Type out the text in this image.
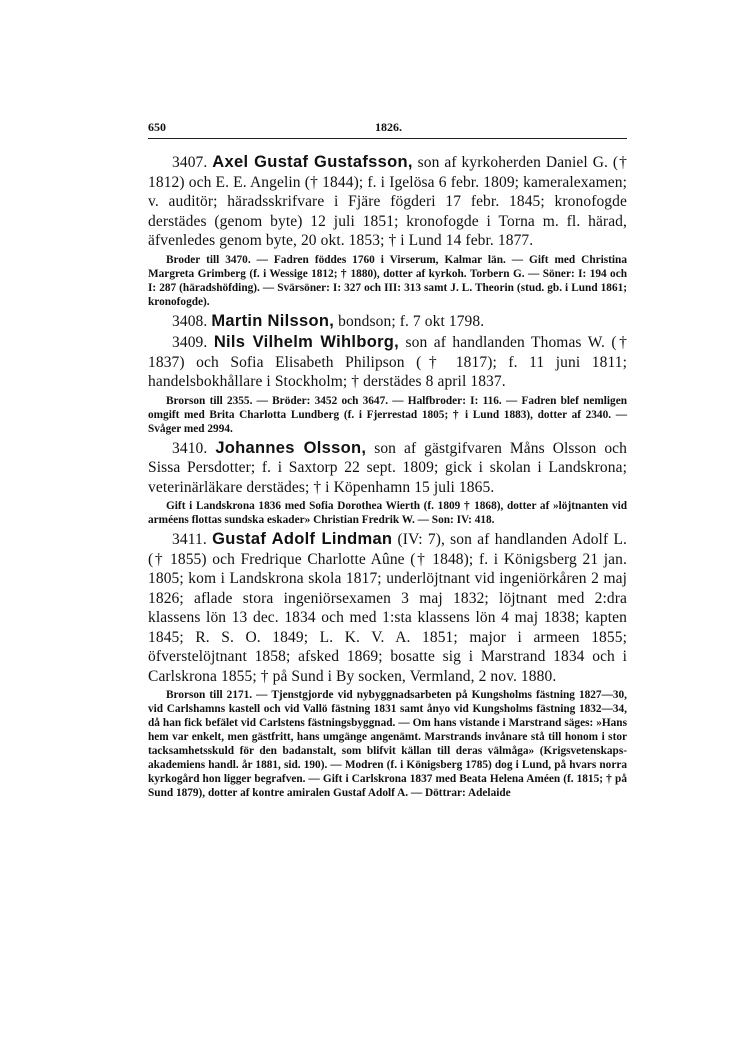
650	1826.

3407. Axel Gustaf Gustafsson, son af kyrkoherden Daniel G. († 1812) och E. E. Angelin († 1844); f. i Igelösa 6 febr. 1809; kameralexamen; v. auditör; häradsskrifvare i Fjäre fögderi 17 febr. 1845; kronofogde derstädes (genom byte) 12 juli 1851; kronofogde i Torna m. fl. härad, äfvenledes genom byte, 20 okt. 1853; † i Lund 14 febr. 1877.

Broder till 3470. — Fadren föddes 1760 i Virserum, Kalmar län. — Gift med Christina Margreta Grimberg (f. i Wessige 1812; † 1880), dotter af kyrkoh. Torbern G. — Söner: I: 194 och I: 287 (häradshöfding). — Svärsöner: I: 327 och III: 313 samt J. L. Theorin (stud. gb. i Lund 1861; kronofogde).

3408. Martin Nilsson, bondson; f. 7 okt 1798.

3409. Nils Vilhelm Wihlborg, son af handlanden Thomas W. († 1837) och Sofia Elisabeth Philipson († 1817); f. 11 juni 1811; handelsbokhållare i Stockholm; † derstädes 8 april 1837.

Brorson till 2355. — Bröder: 3452 och 3647. — Halfbroder: I: 116. — Fadren blef nemligen omgift med Brita Charlotta Lundberg (f. i Fjerrestad 1805; † i Lund 1883), dotter af 2340. — Svåger med 2994.

3410. Johannes Olsson, son af gästgifvaren Måns Olsson och Sissa Persdotter; f. i Saxtorp 22 sept. 1809; gick i skolan i Landskrona; veterinärläkare derstädes; † i Köpenhamn 15 juli 1865.

Gift i Landskrona 1836 med Sofia Dorothea Wierth (f. 1809 † 1868), dotter af »löjtnanten vid arméens flottas sundska eskader» Christian Fredrik W. — Son: IV: 418.

3411. Gustaf Adolf Lindman (IV: 7), son af handlanden Adolf L. († 1855) och Fredrique Charlotte Aûne († 1848); f. i Königsberg 21 jan. 1805; kom i Landskrona skola 1817; underlöjtnant vid ingeniörkåren 2 maj 1826; aflade stora ingeniörsexamen 3 maj 1832; löjtnant med 2:dra klassens lön 13 dec. 1834 och med 1:sta klassens lön 4 maj 1838; kapten 1845; R. S. O. 1849; L. K. V. A. 1851; major i armeen 1855; öfverstelöjtnant 1858; afsked 1869; bosatte sig i Marstrand 1834 och i Carlskrona 1855; † på Sund i By socken, Vermland, 2 nov. 1880.

Brorson till 2171. — Tjenstgjorde vid nybyggnadsarbeten på Kungsholms fästning 1827—30, vid Carlshamns kastell och vid Vallö fästning 1831 samt ånyo vid Kungsholms fästning 1832—34, då han fick befälet vid Carlstens fästningsbyggnad. — Om hans vistande i Marstrand säges: »Hans hem var enkelt, men gästfritt, hans umgänge angenämt. Marstrands invånare stå till honom i stor tacksamhetsskuld för den badanstalt, som blifvit källan till deras välmåga» (Krigsvetenskaps-akademiens handl. år 1881, sid. 190). — Modren (f. i Königsberg 1785) dog i Lund, på hvars norra kyrkogård hon ligger begrafven. — Gift i Carlskrona 1837 med Beata Helena Améen (f. 1815; † på Sund 1879), dotter af kontre amiralen Gustaf Adolf A. — Döttrar: Adelaide
